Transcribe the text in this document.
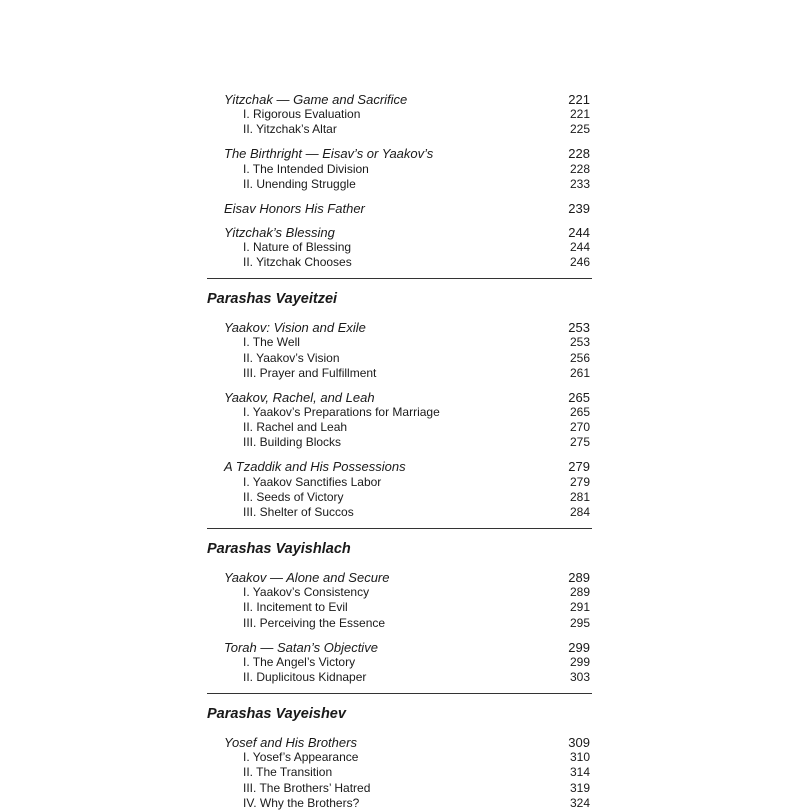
Yitzchak — Game and Sacrifice	221
I. Rigorous Evaluation	221
II. Yitzchak’s Altar	225
The Birthright — Eisav’s or Yaakov’s	228
I. The Intended Division	228
II. Unending Struggle	233
Eisav Honors His Father	239
Yitzchak’s Blessing	244
I. Nature of Blessing	244
II. Yitzchak Chooses	246
Parashas Vayeitzei
Yaakov: Vision and Exile	253
I. The Well	253
II. Yaakov’s Vision	256
III. Prayer and Fulfillment	261
Yaakov, Rachel, and Leah	265
I. Yaakov’s Preparations for Marriage	265
II. Rachel and Leah	270
III. Building Blocks	275
A Tzaddik and His Possessions	279
I. Yaakov Sanctifies Labor	279
II. Seeds of Victory	281
III. Shelter of Succos	284
Parashas Vayishlach
Yaakov — Alone and Secure	289
I. Yaakov’s Consistency	289
II. Incitement to Evil	291
III. Perceiving the Essence	295
Torah — Satan’s Objective	299
I. The Angel’s Victory	299
II. Duplicitous Kidnaper	303
Parashas Vayeishev
Yosef and His Brothers	309
I. Yosef’s Appearance	310
II. The Transition	314
III. The Brothers’ Hatred	319
IV. Why the Brothers?	324
